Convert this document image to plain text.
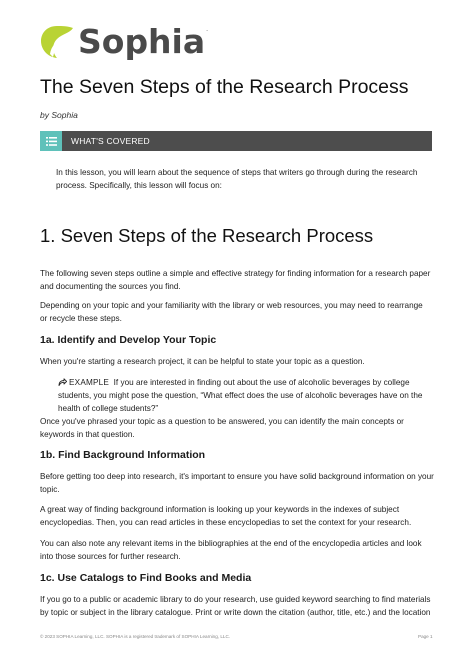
Sophia.
The Seven Steps of the Research Process
by Sophia
WHAT'S COVERED

In this lesson, you will learn about the sequence of steps that writers go through during the research process. Specifically, this lesson will focus on:

1. Seven Steps of the Research Process

The following seven steps outline a simple and effective strategy for finding information for a research paper and documenting the sources you find.

Depending on your topic and your familiarity with the library or web resources, you may need to rearrange or recycle these steps.

1a. Identify and Develop Your Topic

When you're starting a research project, it can be helpful to state your topic as a question.

EXAMPLE If you are interested in finding out about the use of alcoholic beverages by college students, you might pose the question, “What effect does the use of alcoholic beverages have on the health of college students?”

Once you've phrased your topic as a question to be answered, you can identify the main concepts or keywords in that question.

1b. Find Background Information

Before getting too deep into research, it's important to ensure you have solid background information on your topic.

A great way of finding background information is looking up your keywords in the indexes of subject encyclopedias. Then, you can read articles in these encyclopedias to set the context for your research.

You can also note any relevant items in the bibliographies at the end of the encyclopedia articles and look into those sources for further research.

1c. Use Catalogs to Find Books and Media

If you go to a public or academic library to do your research, use guided keyword searching to find materials by topic or subject in the library catalogue. Print or write down the citation (author, title, etc.) and the location

© 2023 SOPHIA Learning, LLC. SOPHIA is a registered trademark of SOPHIA Learning, LLC.	Page 1
